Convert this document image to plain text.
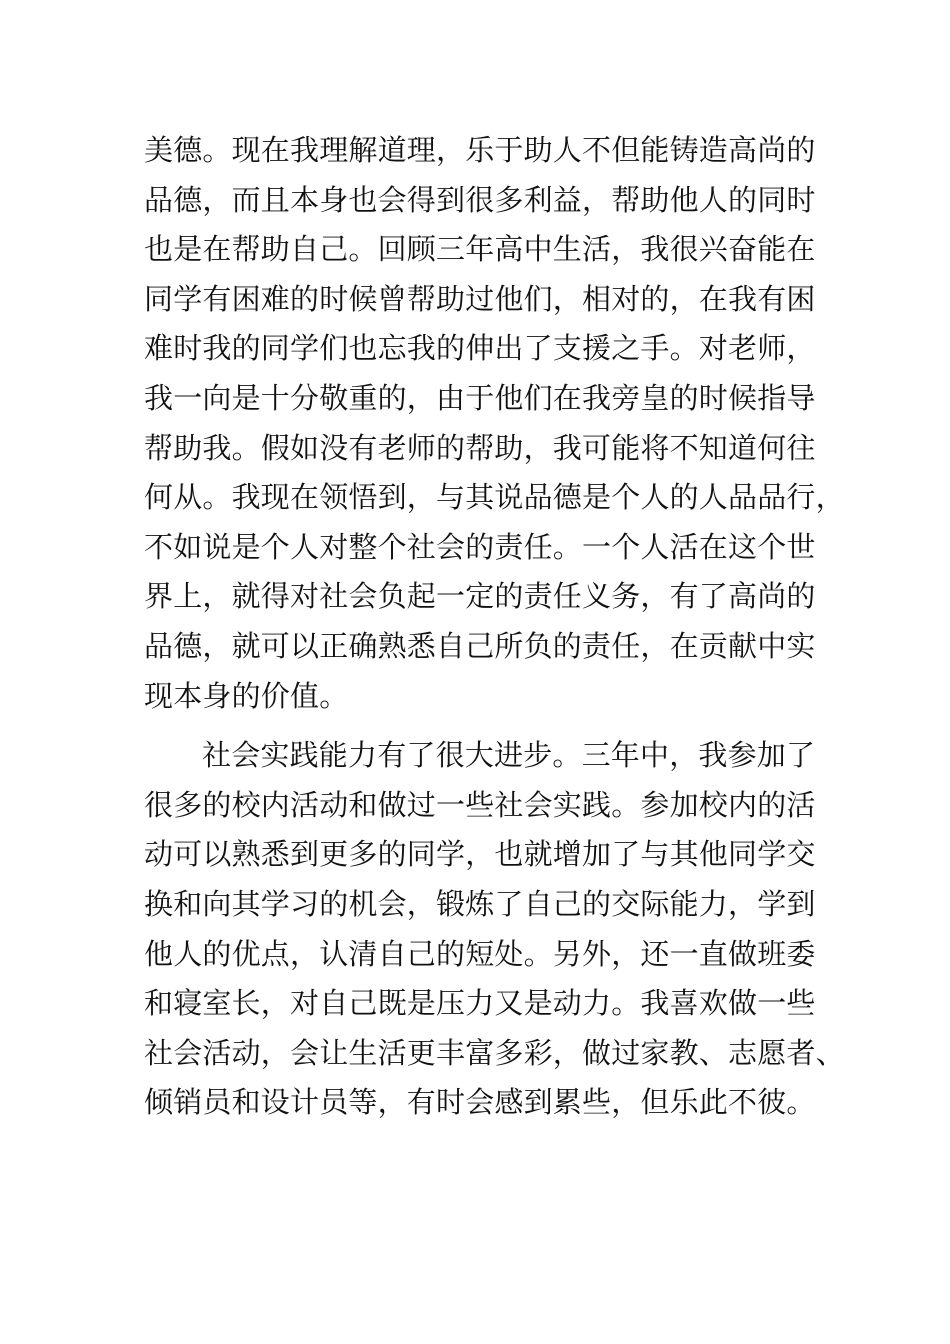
美德。现在我理解道理，乐于助人不但能铸造高尚的
品德，而且本身也会得到很多利益，帮助他人的同时
也是在帮助自己。回顾三年高中生活，我很兴奋能在
同学有困难的时候曾帮助过他们，相对的，在我有困
难时我的同学们也忘我的伸出了支援之手。对老师，
我一向是十分敬重的，由于他们在我旁皇的时候指导
帮助我。假如没有老师的帮助，我可能将不知道何往
何从。我现在领悟到，与其说品德是个人的人品品行，
不如说是个人对整个社会的责任。一个人活在这个世
界上，就得对社会负起一定的责任义务，有了高尚的
品德，就可以正确熟悉自己所负的责任，在贡献中实
现本身的价值。
社会实践能力有了很大进步。三年中，我参加了
很多的校内活动和做过一些社会实践。参加校内的活
动可以熟悉到更多的同学，也就增加了与其他同学交
换和向其学习的机会，锻炼了自己的交际能力，学到
他人的优点，认清自己的短处。另外，还一直做班委
和寝室长，对自己既是压力又是动力。我喜欢做一些
社会活动，会让生活更丰富多彩，做过家教、志愿者、
倾销员和设计员等，有时会感到累些，但乐此不彼。
